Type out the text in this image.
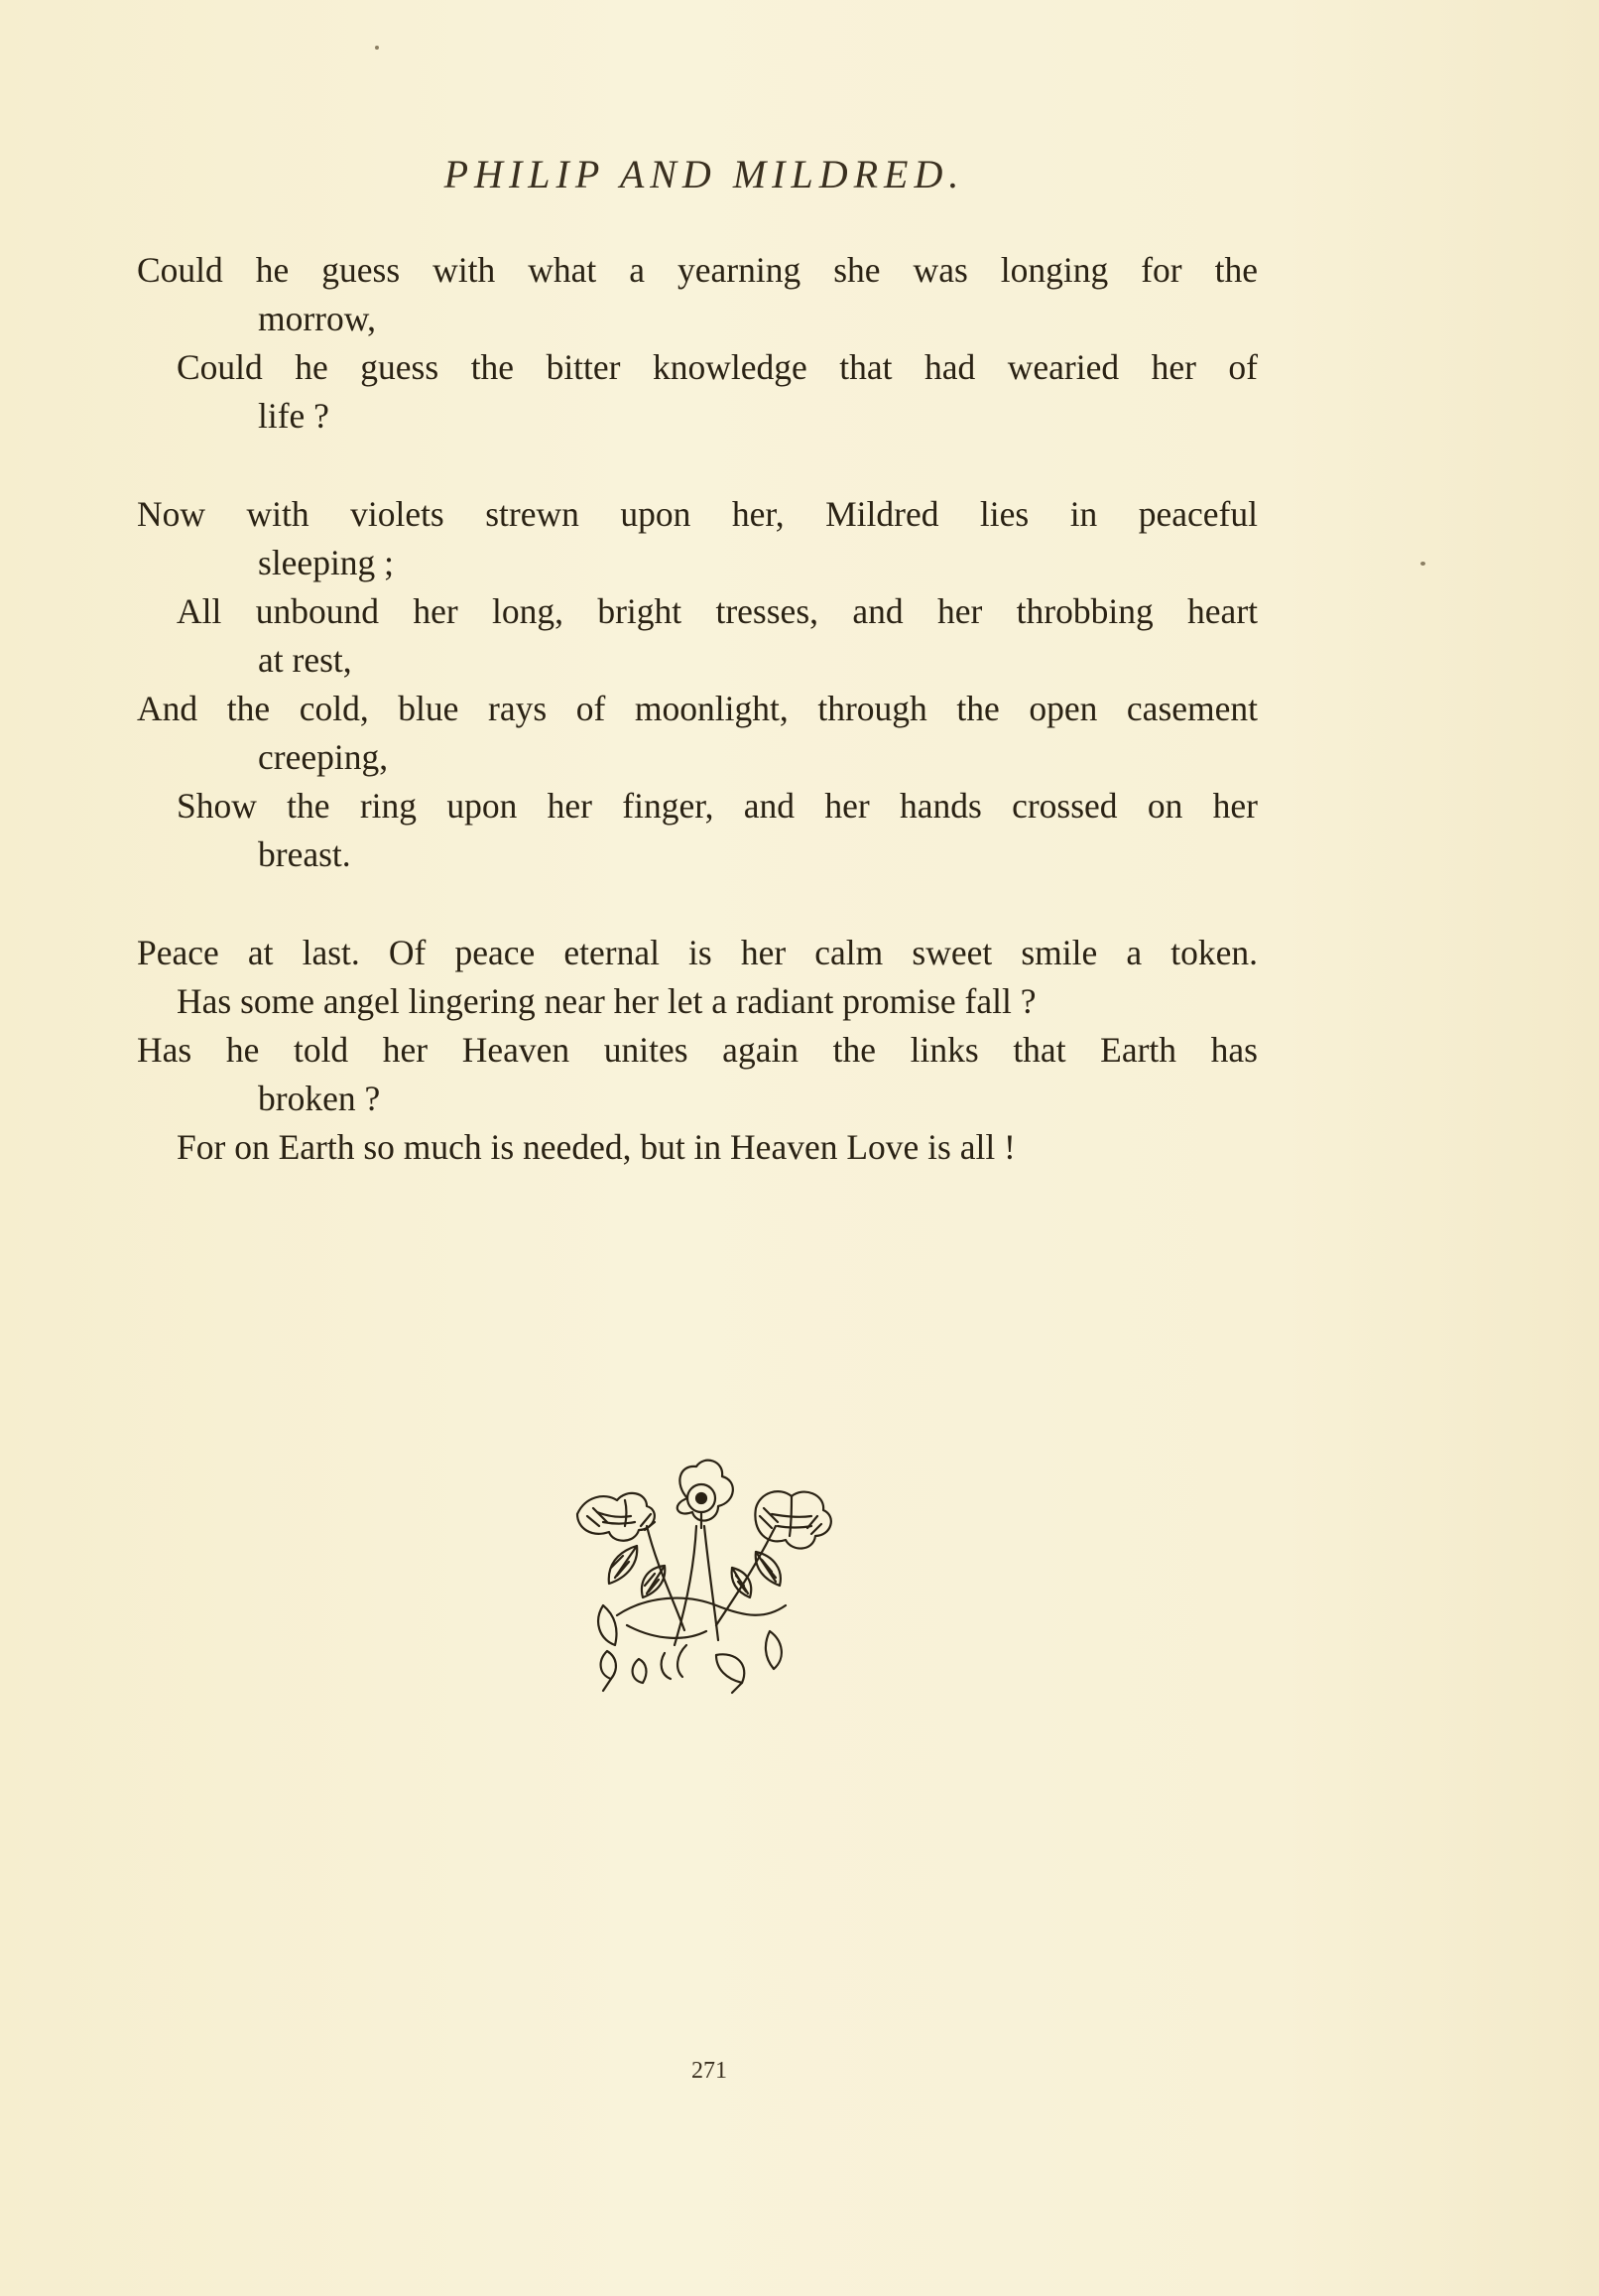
PHILIP AND MILDRED.
Could he guess with what a yearning she was longing for the
morrow,
Could he guess the bitter knowledge that had wearied her of
life ?
Now with violets strewn upon her, Mildred lies in peaceful
sleeping ;
All unbound her long, bright tresses, and her throbbing heart
at rest,
And the cold, blue rays of moonlight, through the open casement
creeping,
Show the ring upon her finger, and her hands crossed on her
breast.
Peace at last. Of peace eternal is her calm sweet smile a token.
Has some angel lingering near her let a radiant promise fall ?
Has he told her Heaven unites again the links that Earth has
broken ?
For on Earth so much is needed, but in Heaven Love is all !
271
